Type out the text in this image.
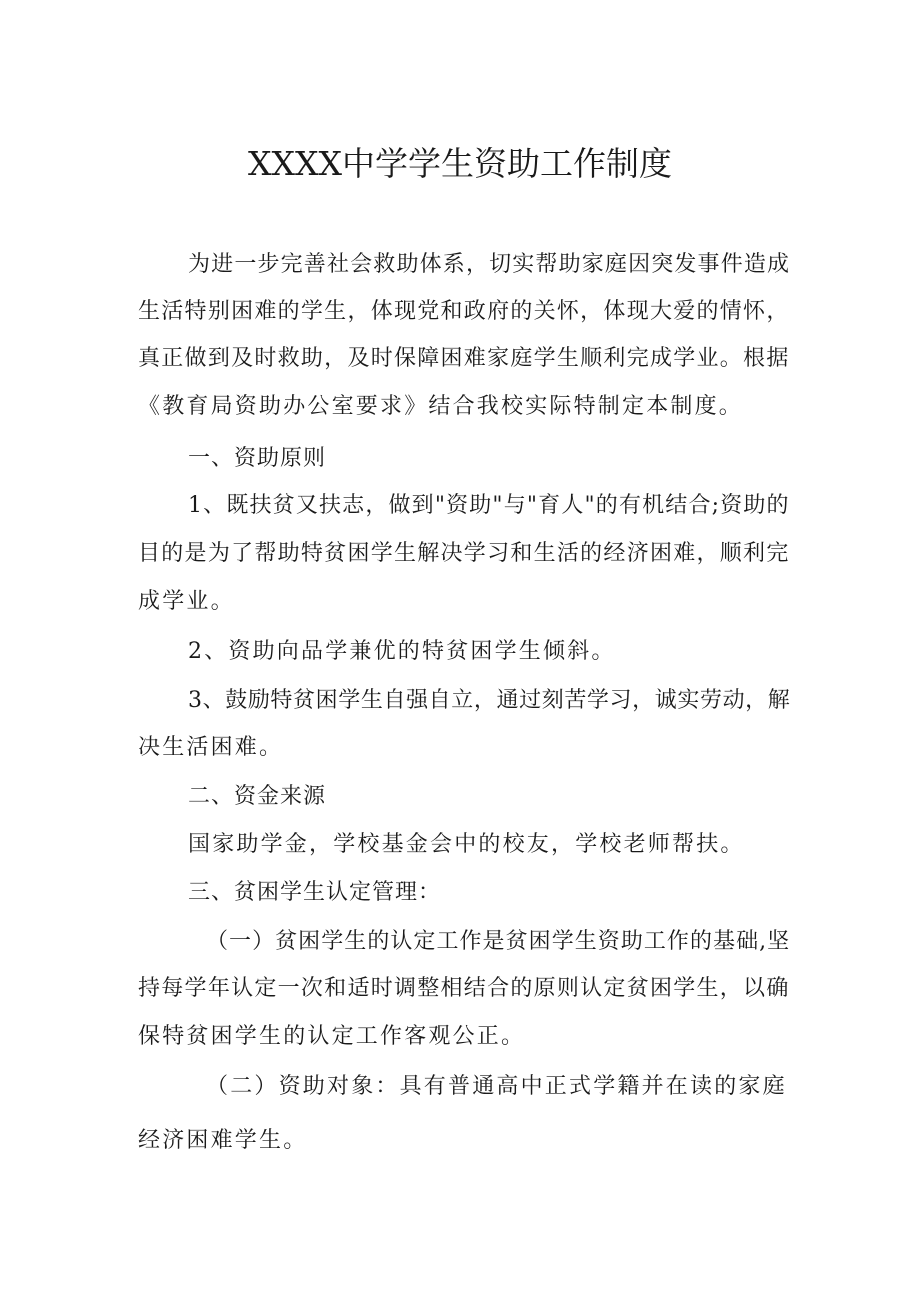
XXXX中学学生资助工作制度
为进一步完善社会救助体系，切实帮助家庭因突发事件造成
生活特别困难的学生，体现党和政府的关怀，体现大爱的情怀，
真正做到及时救助，及时保障困难家庭学生顺利完成学业。根据
《教育局资助办公室要求》结合我校实际特制定本制度。
一、资助原则
1、既扶贫又扶志，做到"资助"与"育人"的有机结合;资助的
目的是为了帮助特贫困学生解决学习和生活的经济困难，顺利完
成学业。
2、资助向品学兼优的特贫困学生倾斜。
3、鼓励特贫困学生自强自立，通过刻苦学习，诚实劳动，解
决生活困难。
二、资金来源
国家助学金，学校基金会中的校友，学校老师帮扶。
三、贫困学生认定管理：
（一）贫困学生的认定工作是贫困学生资助工作的基础,坚
持每学年认定一次和适时调整相结合的原则认定贫困学生，以确
保特贫困学生的认定工作客观公正。
（二）资助对象：具有普通高中正式学籍并在读的家庭
经济困难学生。
